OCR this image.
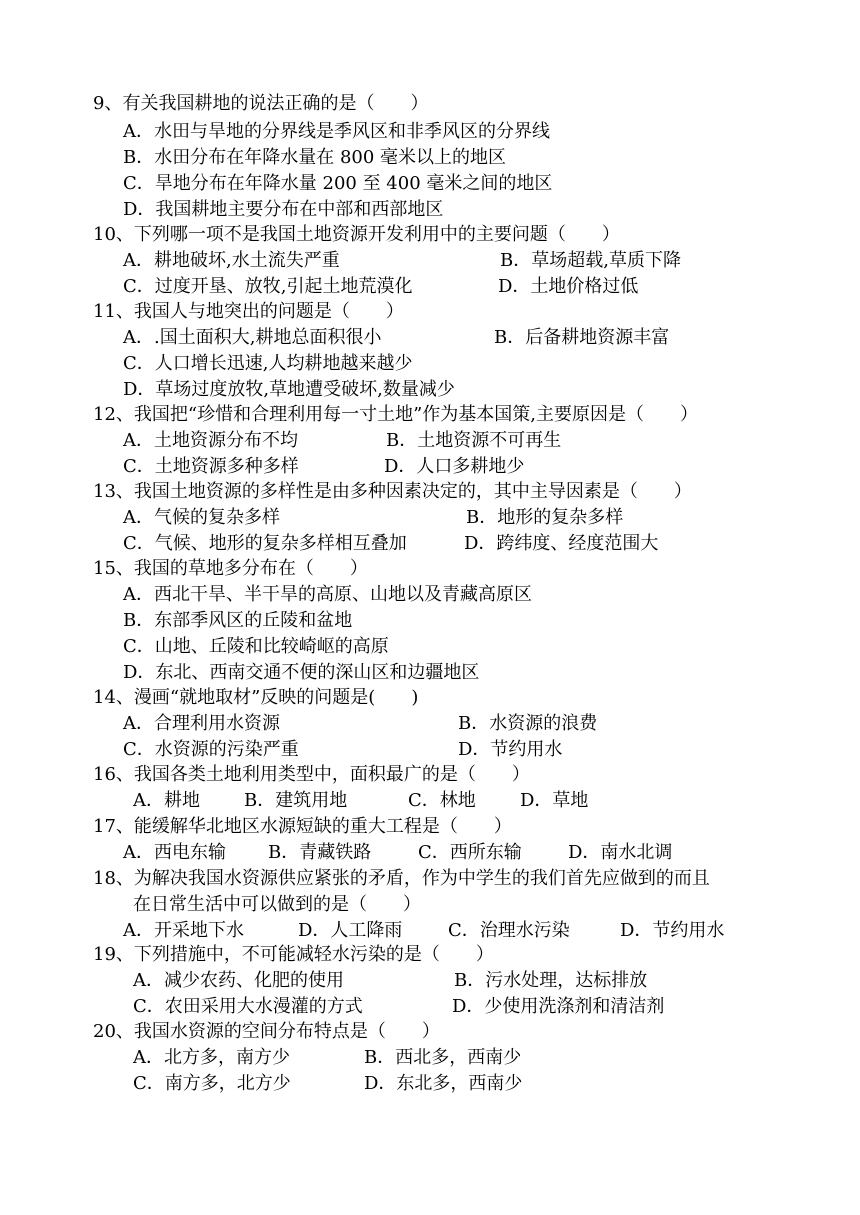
9、有关我国耕地的说法正确的是（　　）
A．水田与旱地的分界线是季风区和非季风区的分界线
B．水田分布在年降水量在 800 毫米以上的地区
C．旱地分布在年降水量 200 至 400 毫米之间的地区
D．我国耕地主要分布在中部和西部地区
10、下列哪一项不是我国土地资源开发利用中的主要问题（　　）
A．耕地破坏,水土流失严重	B．草场超载,草质下降
C．过度开垦、放牧,引起土地荒漠化	D．土地价格过低
11、我国人与地突出的问题是（　　）
A．.国土面积大,耕地总面积很小	B．后备耕地资源丰富
C．人口增长迅速,人均耕地越来越少
D．草场过度放牧,草地遭受破坏,数量减少
12、我国把“珍惜和合理利用每一寸土地”作为基本国策,主要原因是（　　）
A．土地资源分布不均	B．土地资源不可再生
C．土地资源多种多样	D．人口多耕地少
13、我国土地资源的多样性是由多种因素决定的，其中主导因素是（　　）
A．气候的复杂多样	B．地形的复杂多样
C．气候、地形的复杂多样相互叠加	D．跨纬度、经度范围大
15、我国的草地多分布在（　　）
A．西北干旱、半干旱的高原、山地以及青藏高原区
B．东部季风区的丘陵和盆地
C．山地、丘陵和比较崎岖的高原
D．东北、西南交通不便的深山区和边疆地区
14、漫画“就地取材”反映的问题是(　　)
A．合理利用水资源	B．水资源的浪费
C．水资源的污染严重	D．节约用水
16、我国各类土地利用类型中，面积最广的是（　　）
A．耕地 B．建筑用地	C．林地 D．草地
17、能缓解华北地区水源短缺的重大工程是（　　）
A．西电东输 B．青藏铁路	C．西所东输	D．南水北调
18、为解决我国水资源供应紧张的矛盾，作为中学生的我们首先应做到的而且
在日常生活中可以做到的是（　　）
A．开采地下水	D．人工降雨	C．治理水污染	D．节约用水
19、下列措施中，不可能减轻水污染的是（　　）
A．减少农药、化肥的使用	B．污水处理，达标排放
C．农田采用大水漫灌的方式	D．少使用洗涤剂和清洁剂
20、我国水资源的空间分布特点是（　　）
A．北方多，南方少	B．西北多，西南少
C．南方多，北方少	D．东北多，西南少
